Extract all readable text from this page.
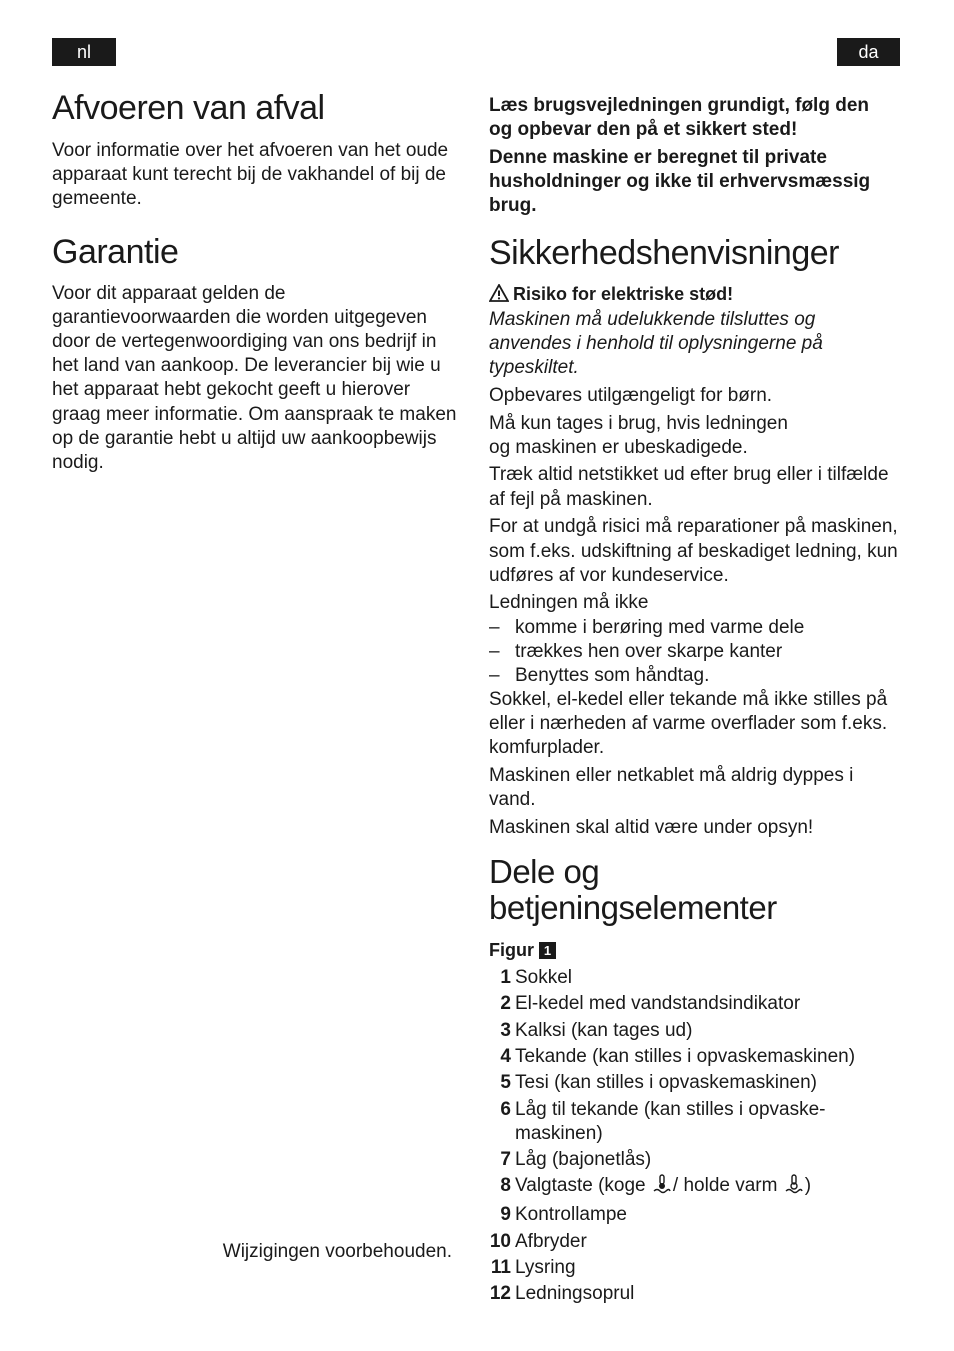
nl	da
Afvoeren van afval

Voor informatie over het afvoeren van het oude apparaat kunt terecht bij de vakhandel of bij de gemeente.

Garantie

Voor dit apparaat gelden de garantievoorwaarden die worden uitgegeven door de vertegenwoordiging van ons bedrijf in het land van aankoop. De leverancier bij wie u het apparaat hebt gekocht geeft u hierover graag meer informatie. Om aanspraak te maken op de garantie hebt u altijd uw aankoopbewijs nodig.

Wijzigingen voorbehouden.

Læs brugsvejledningen grundigt, følg den og opbevar den på et sikkert sted!

Denne maskine er beregnet til private husholdninger og ikke til erhvervsmæssig brug.

Sikkerhedshenvisninger

Risiko for elektriske stød!

Maskinen må udelukkende tilsluttes og anvendes i henhold til oplysningerne på typeskiltet.

Opbevares utilgængeligt for børn.

Må kun tages i brug, hvis ledningen og maskinen er ubeskadigede.

Træk altid netstikket ud efter brug eller i tilfælde af fejl på maskinen.

For at undgå risici må reparationer på maskinen, som f.eks. udskiftning af beskadiget ledning, kun udføres af vor kundeservice.

Ledningen må ikke

– komme i berøring med varme dele
– trækkes hen over skarpe kanter
– Benyttes som håndtag.

Sokkel, el-kedel eller tekande må ikke stilles på eller i nærheden af varme overflader som f.eks. komfurplader.

Maskinen eller netkablet må aldrig dyppes i vand.

Maskinen skal altid være under opsyn!

Dele og
betjeningselementer

Figur 1

1 Sokkel
2 El-kedel med vandstandsindikator
3 Kalksi (kan tages ud)
4 Tekande (kan stilles i opvaskemaskinen)
5 Tesi (kan stilles i opvaskemaskinen)
6 Låg til tekande (kan stilles i opvaske-maskinen)
7 Låg (bajonetlås)
8 Valgtaste (koge / holde varm )
9 Kontrollampe
10 Afbryder
11 Lysring
12 Ledningsoprul
